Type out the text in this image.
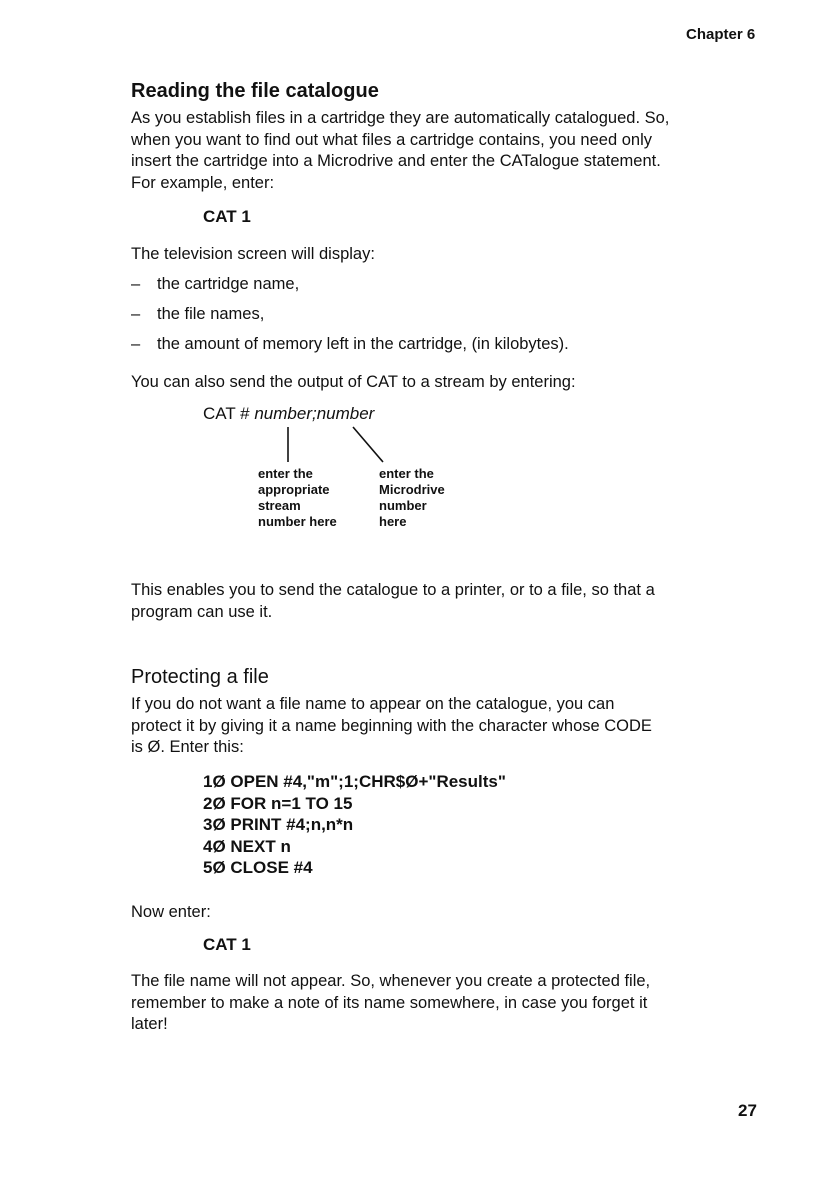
Chapter 6
Reading the file catalogue
As you establish files in a cartridge they are automatically catalogued. So,
when you want to find out what files a cartridge contains, you need only
insert the cartridge into a Microdrive and enter the CATalogue statement.
For example, enter:
CAT 1
The television screen will display:
– the cartridge name,
– the file names,
– the amount of memory left in the cartridge, (in kilobytes).
You can also send the output of CAT to a stream by entering:
CAT # number;number
enter the
appropriate
stream
number here
enter the
Microdrive
number
here
This enables you to send the catalogue to a printer, or to a file, so that a
program can use it.
Protecting a file
If you do not want a file name to appear on the catalogue, you can
protect it by giving it a name beginning with the character whose CODE
is Ø. Enter this:
1Ø OPEN #4,"m";1;CHR$Ø+"Results"
2Ø FOR n=1 TO 15
3Ø PRINT #4;n,n*n
4Ø NEXT n
5Ø CLOSE #4
Now enter:
CAT 1
The file name will not appear. So, whenever you create a protected file,
remember to make a note of its name somewhere, in case you forget it
later!
27
